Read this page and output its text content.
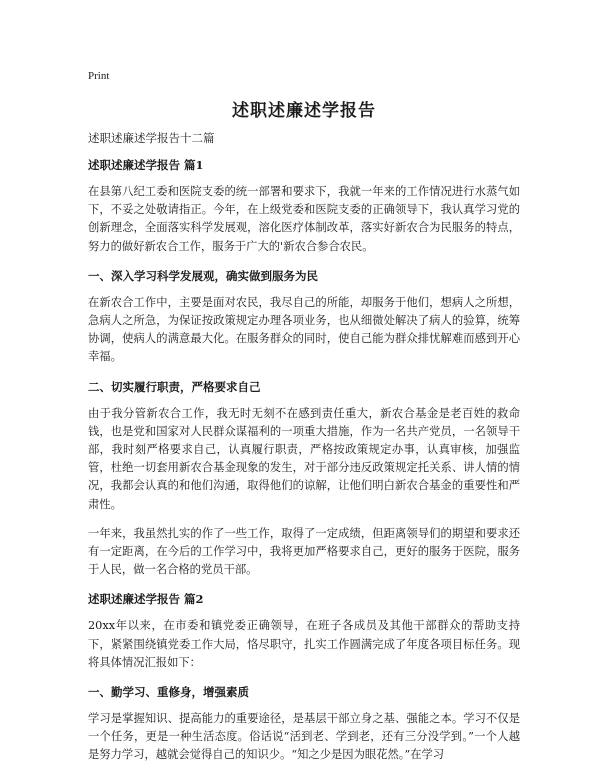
Print
述职述廉述学报告

述职述廉述学报告十二篇

述职述廉述学报告 篇1

在县第八纪工委和医院支委的统一部署和要求下，我就一年来的工作情况进行水蒸气如下，不妥之处敬请指正。今年，在上级党委和医院支委的正确领导下，我认真学习党的创新理念，全面落实科学发展观，溶化医疗体制改革，落实好新农合为民服务的特点，努力的做好新农合工作，服务于广大的'新农合参合农民。

一、深入学习科学发展观，确实做到服务为民

在新农合工作中，主要是面对农民，我尽自己的所能，却服务于他们，想病人之所想，急病人之所急，为保证按政策规定办理各项业务，也从细微处解决了病人的验算，统筹协调，使病人的满意最大化。在服务群众的同时，使自己能为群众排忧解难而感到开心幸福。

二、切实履行职责，严格要求自己

由于我分管新农合工作，我无时无刻不在感到责任重大，新农合基金是老百姓的救命钱，也是党和国家对人民群众谋福利的一项重大措施，作为一名共产党员，一名领导干部，我时刻严格要求自己，认真履行职责，严格按政策规定办事，认真审核，加强监管，杜绝一切套用新农合基金现象的发生，对于部分违反政策规定托关系、讲人情的情况，我都会认真的和他们沟通，取得他们的谅解，让他们明白新农合基金的重要性和严肃性。

一年来，我虽然扎实的作了一些工作，取得了一定成绩，但距离领导们的期望和要求还有一定距离，在今后的工作学习中，我将更加严格要求自己，更好的服务于医院，服务于人民，做一名合格的党员干部。

述职述廉述学报告 篇2

20xx年以来，在市委和镇党委正确领导，在班子各成员及其他干部群众的帮助支持下，紧紧围绕镇党委工作大局，恪尽职守，扎实工作圆满完成了年度各项目标任务。现将具体情况汇报如下：

一、勤学习、重修身，增强素质

学习是掌握知识、提高能力的重要途径，是基层干部立身之基、强能之本。学习不仅是一个任务，更是一种生活态度。俗话说“活到老、学到老，还有三分没学到。”一个人越是努力学习，越就会觉得自己的知识少。“知之少是因为眼花然。”在学习
